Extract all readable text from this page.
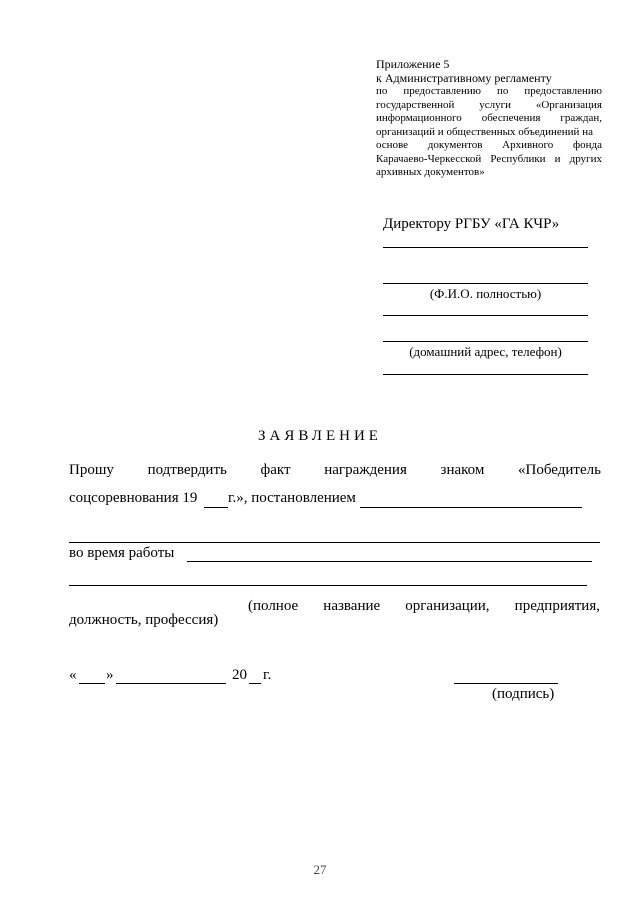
Приложение 5
к Административному регламенту
по предоставлению по предоставлению
государственной услуги «Организация
информационного обеспечения граждан,
организаций и общественных объединений на
основе документов Архивного фонда
Карачаево-Черкесской Республики и других
архивных документов»
Директору РГБУ «ГА КЧР»
(Ф.И.О. полностью)
(домашний адрес, телефон)
ЗАЯВЛЕНИЕ
Прошу подтвердить факт награждения знаком «Победитель
соцсоревнования 19 г.», постановлением
во время работы
(полное название организации, предприятия,
должность, профессия)
« »	20 г.
(подпись)
27
